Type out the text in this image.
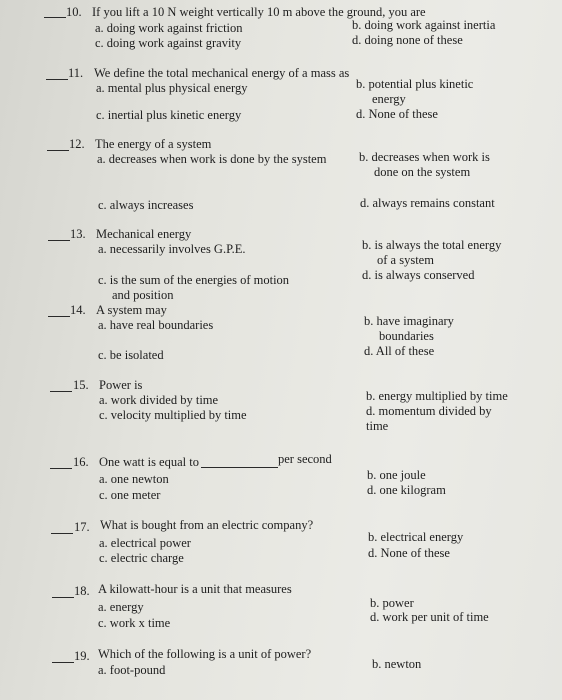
10. If you lift a 10 N weight vertically 10 m above the ground, you are
a. doing work against friction	b. doing work against inertia
c. doing work against gravity	d. doing none of these
11. We define the total mechanical energy of a mass as
a. mental plus physical energy	b. potential plus kinetic
energy
c. inertial plus kinetic energy	d. None of these
12. The energy of a system
a. decreases when work is done by the system	b. decreases when work is
done on the system
c. always increases	d. always remains constant
13. Mechanical energy
a. necessarily involves G.P.E.	b. is always the total energy
of a system
c. is the sum of the energies of motion
and position
d. is always conserved
14. A system may
a. have real boundaries	b. have imaginary
boundaries
c. be isolated	d. All of these
15. Power is
a. work divided by time	b. energy multiplied by time
c. velocity multiplied by time	d. momentum divided by
time
16. One watt is equal to	per second
a. one newton	b. one joule
c. one meter	d. one kilogram
17. What is bought from an electric company?
a. electrical power	b. electrical energy
c. electric charge	d. None of these
18. A kilowatt-hour is a unit that measures
a. energy	b. power
c. work x time	d. work per unit of time
19. Which of the following is a unit of power?
a. foot-pound	b. newton
